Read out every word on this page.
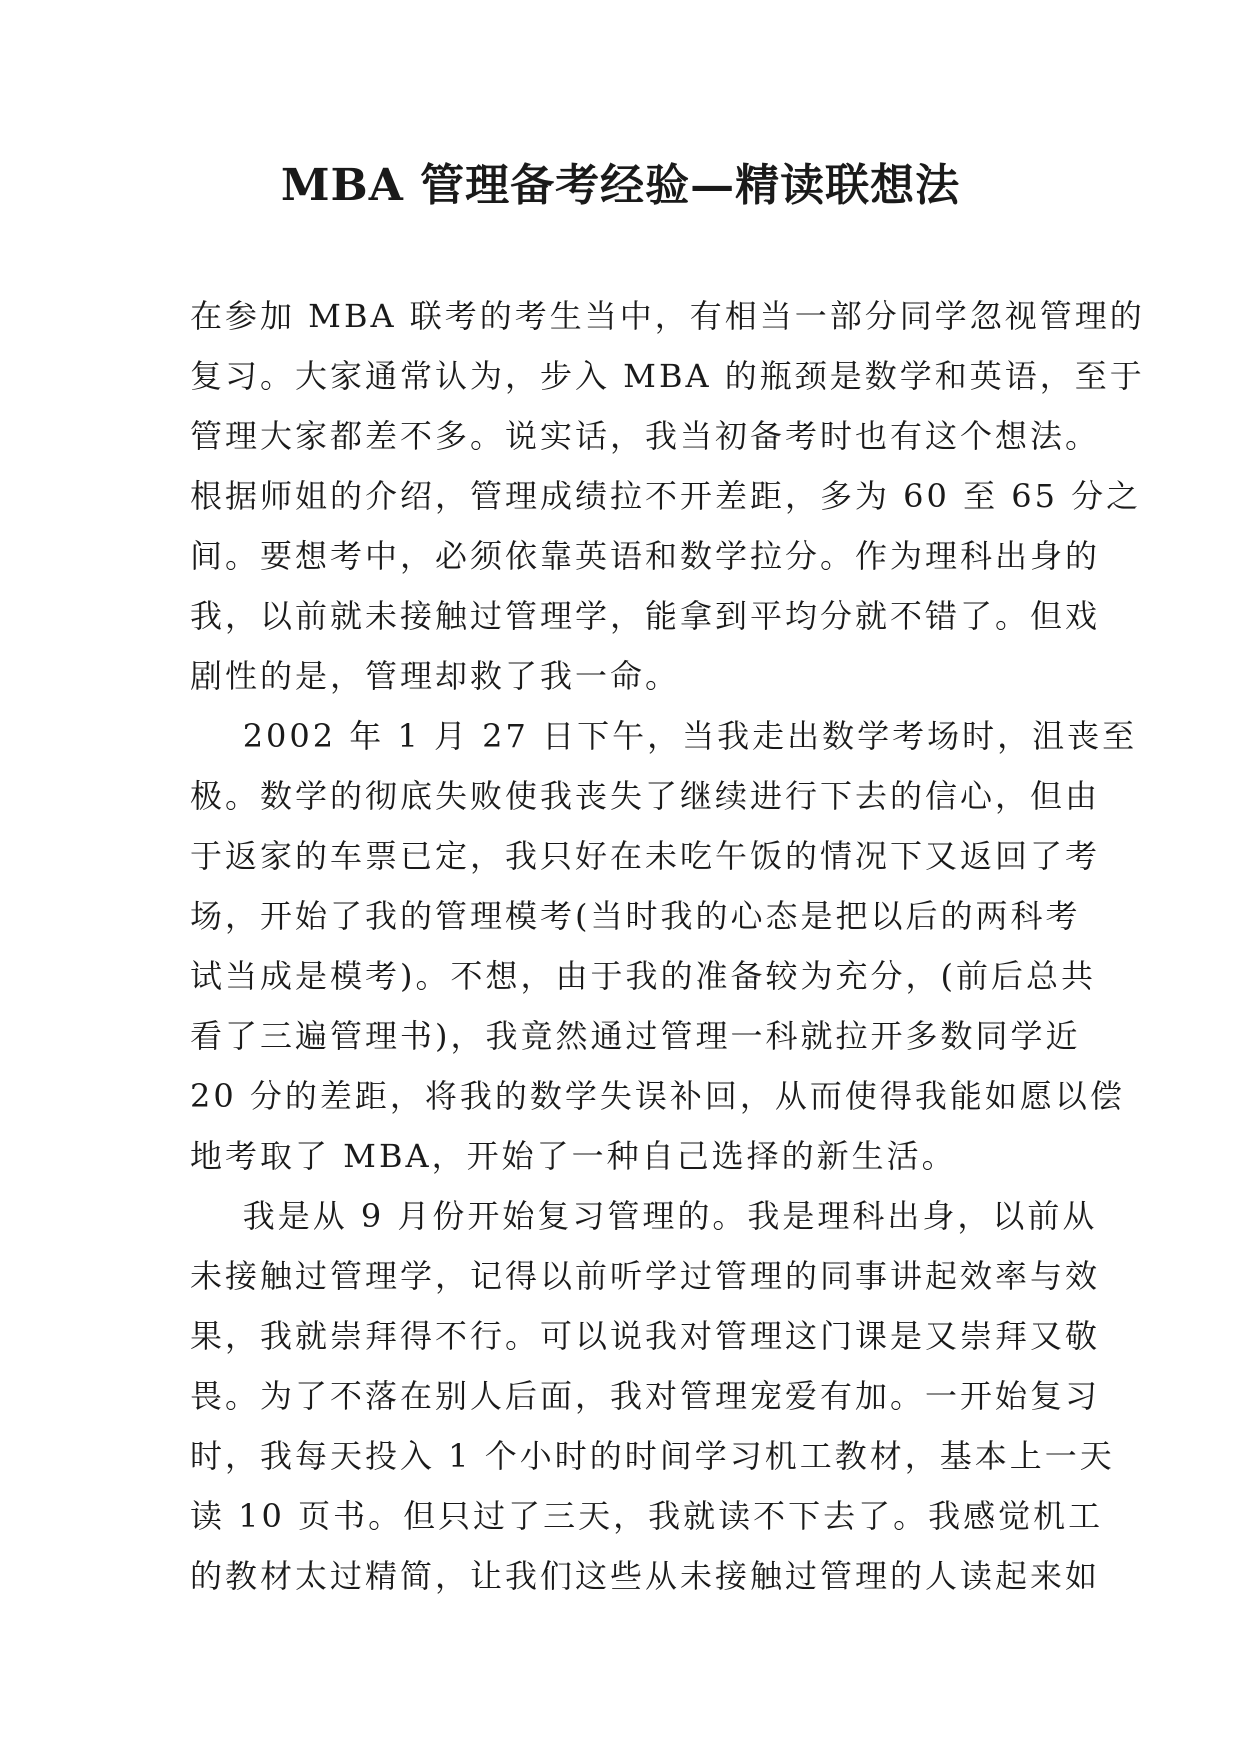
MBA 管理备考经验—精读联想法

在参加 MBA 联考的考生当中，有相当一部分同学忽视管理的
复习。大家通常认为，步入 MBA 的瓶颈是数学和英语，至于
管理大家都差不多。说实话，我当初备考时也有这个想法。
根据师姐的介绍，管理成绩拉不开差距，多为 60 至 65 分之
间。要想考中，必须依靠英语和数学拉分。作为理科出身的
我，以前就未接触过管理学，能拿到平均分就不错了。但戏
剧性的是，管理却救了我一命。

2002 年 1 月 27 日下午，当我走出数学考场时，沮丧至
极。数学的彻底失败使我丧失了继续进行下去的信心，但由
于返家的车票已定，我只好在未吃午饭的情况下又返回了考
场，开始了我的管理模考(当时我的心态是把以后的两科考
试当成是模考)。不想，由于我的准备较为充分，(前后总共
看了三遍管理书)，我竟然通过管理一科就拉开多数同学近
20 分的差距，将我的数学失误补回，从而使得我能如愿以偿
地考取了 MBA，开始了一种自己选择的新生活。

我是从 9 月份开始复习管理的。我是理科出身，以前从
未接触过管理学，记得以前听学过管理的同事讲起效率与效
果，我就崇拜得不行。可以说我对管理这门课是又崇拜又敬
畏。为了不落在别人后面，我对管理宠爱有加。一开始复习
时，我每天投入 1 个小时的时间学习机工教材，基本上一天
读 10 页书。但只过了三天，我就读不下去了。我感觉机工
的教材太过精简，让我们这些从未接触过管理的人读起来如
